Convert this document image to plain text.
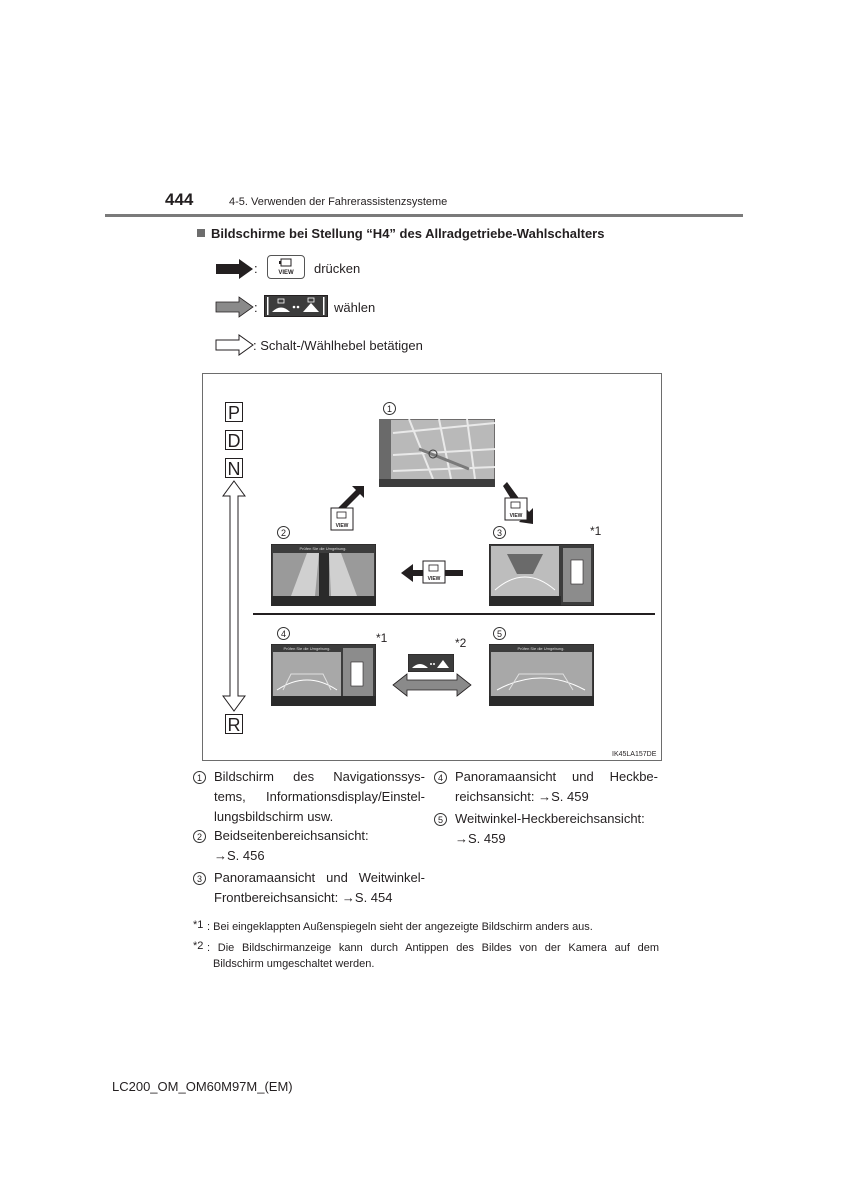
444	4-5. Verwenden der Fahrerassistenzsysteme
Bildschirme bei Stellung “H4” des Allradgetriebe-Wahlschalters
:	VIEW drücken
:	wählen
: Schalt-/Wählhebel betätigen
P
D
N
R
1
VIEW
VIEW
2
Prüfen Sie die Umgebung.
VIEW
3	*1
4	*1
Prüfen Sie die Umgebung.	*2
5
Prüfen Sie die Umgebung.
IK45LA157DE
1 Bildschirm des Navigationssys-
tems, Informationsdisplay/Einstel-
lungsbildschirm usw.
2 Beidseitenbereichsansicht:
→S. 456
3 Panoramaansicht und Weitwinkel-
Frontbereichsansicht: →S. 454
4 Panoramaansicht und Heckbe-
reichsansicht: →S. 459
5 Weitwinkel-Heckbereichsansicht:
→S. 459
*1 : Bei eingeklappten Außenspiegeln sieht der angezeigte Bildschirm anders aus.
*2 : Die Bildschirmanzeige kann durch Antippen des Bildes von der Kamera auf dem
Bildschirm umgeschaltet werden.
LC200_OM_OM60M97M_(EM)
